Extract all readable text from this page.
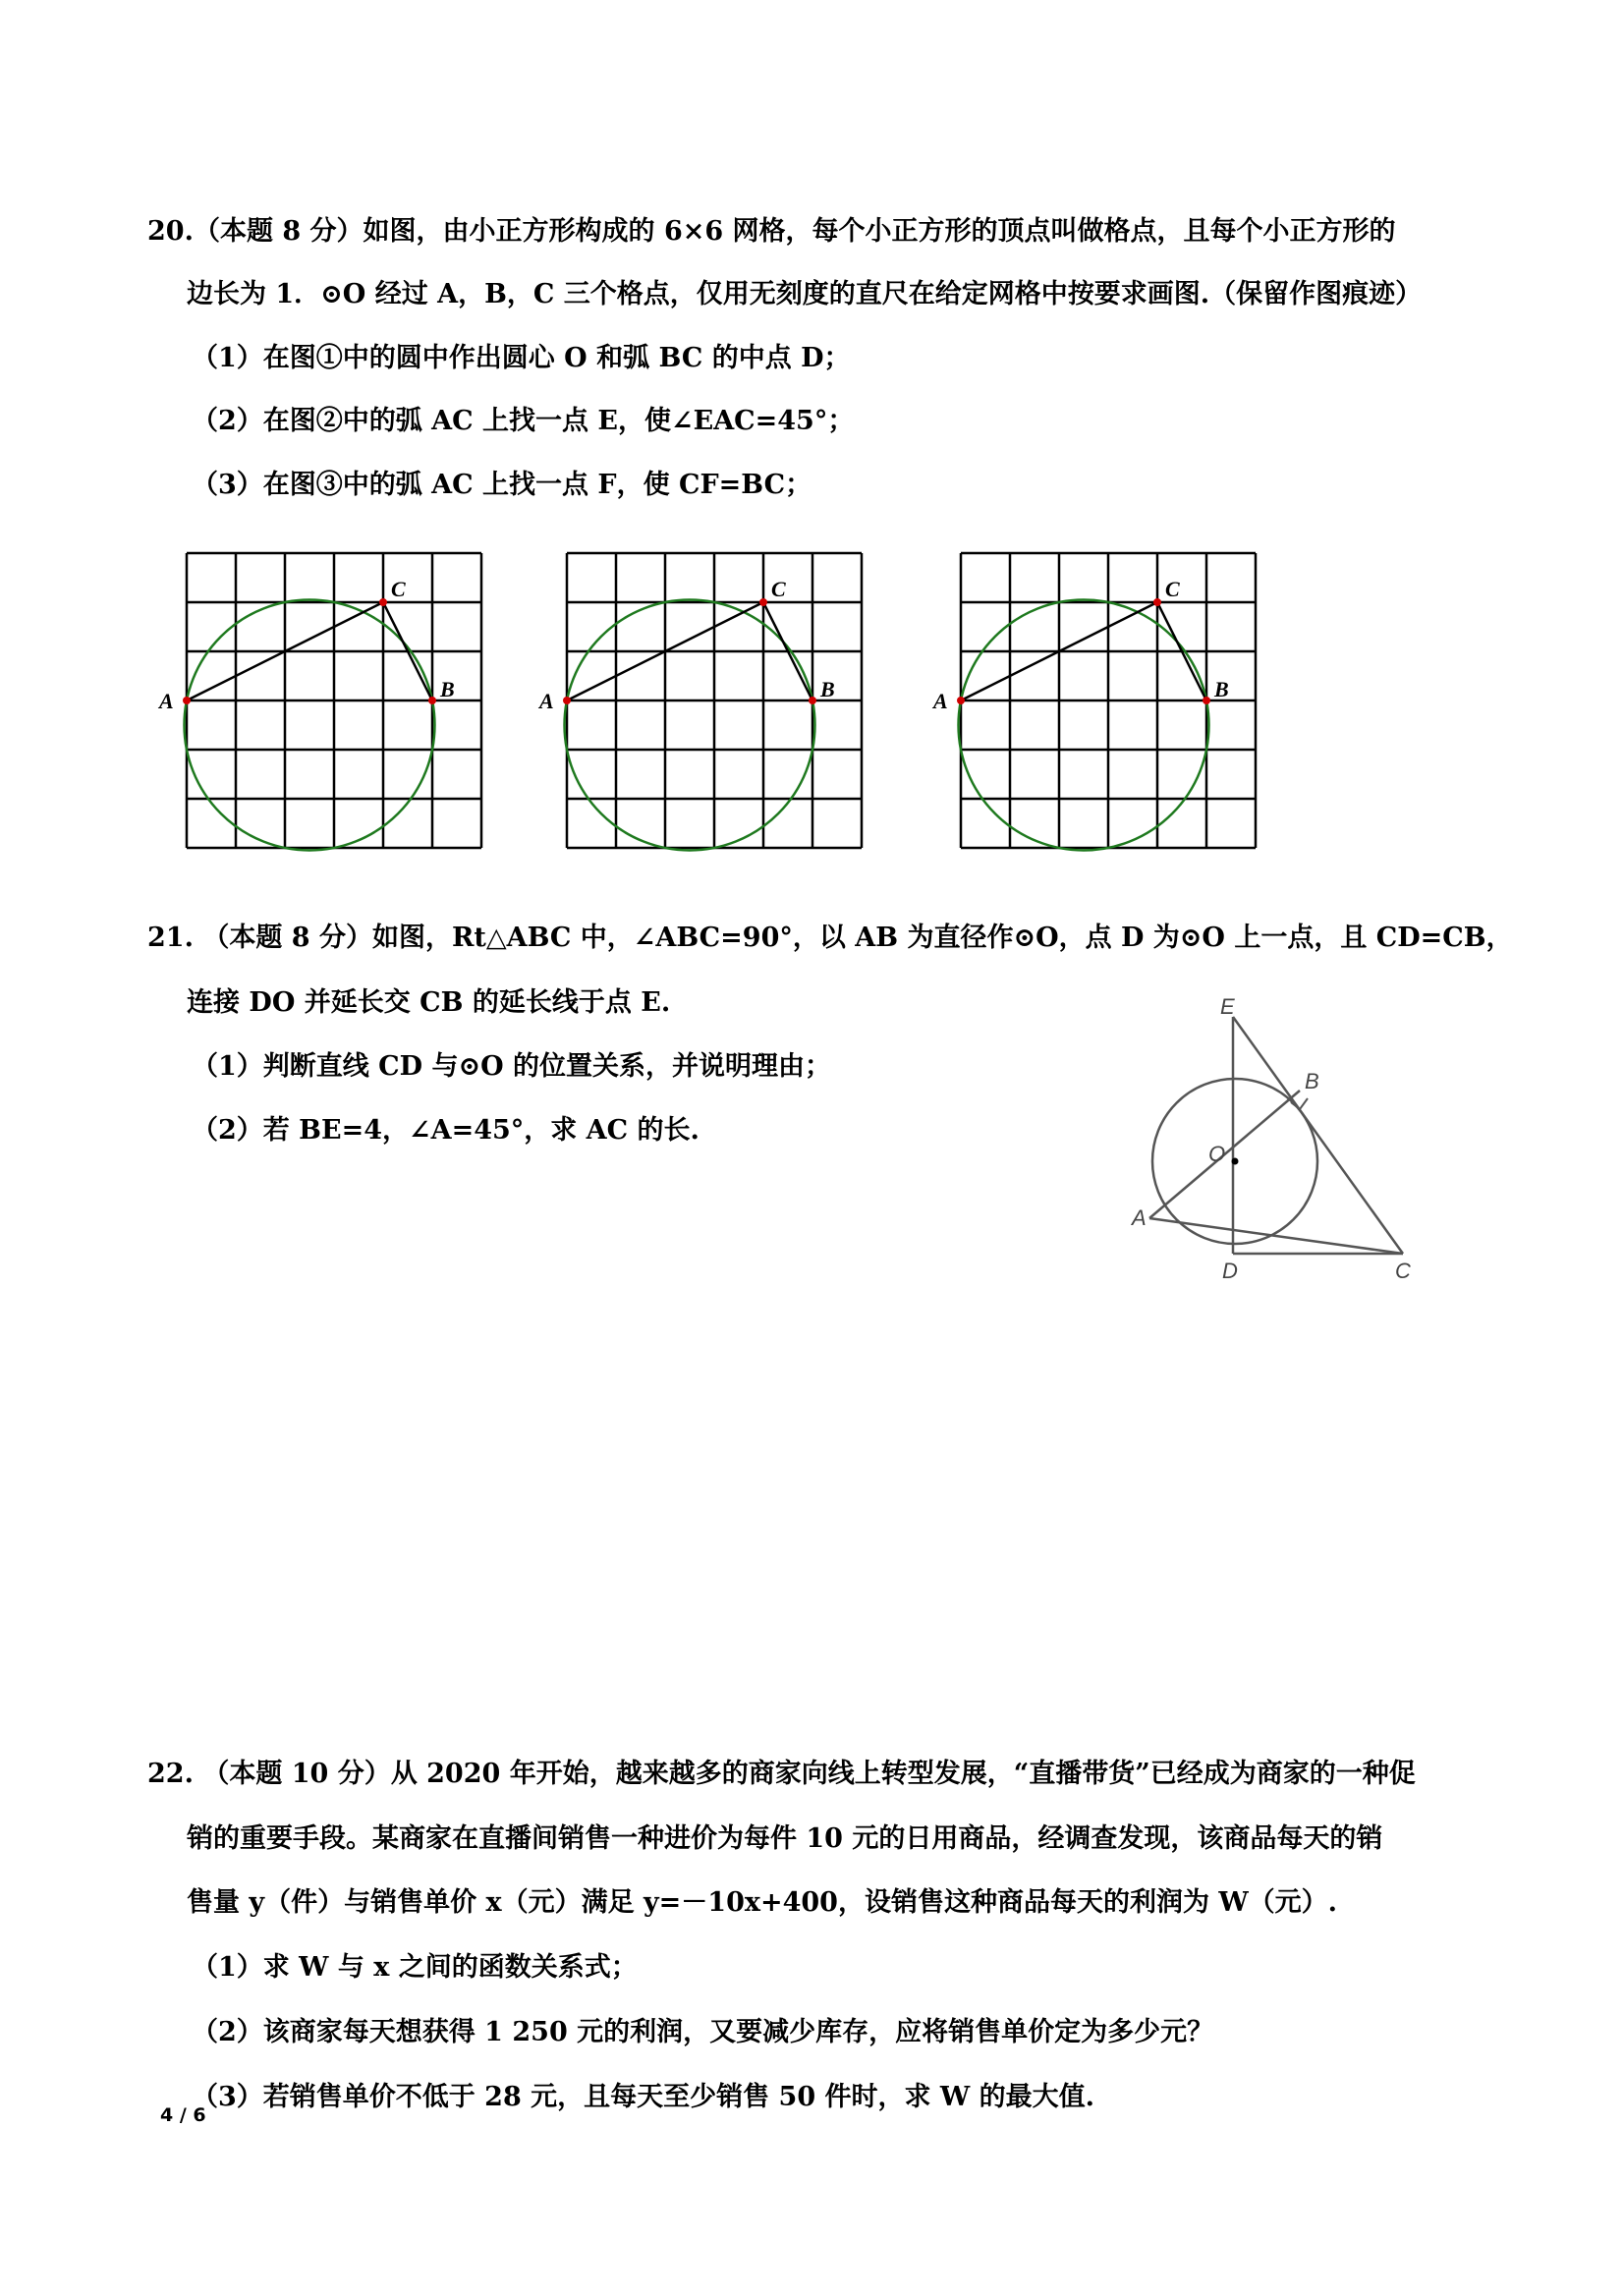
20.（本题 8 分）如图，由小正方形构成的 6×6 网格，每个小正方形的顶点叫做格点，且每个小正方形的
边长为 1．⊙O 经过 A，B，C 三个格点，仅用无刻度的直尺在给定网格中按要求画图.（保留作图痕迹）
（1）在图①中的圆中作出圆心 O 和弧 BC 的中点 D；
（2）在图②中的弧 AC 上找一点 E，使∠EAC=45°；
（3）在图③中的弧 AC 上找一点 F，使 CF=BC；
A	B
C
A	B
C
A	B
C
21. （本题 8 分）如图，Rt△ABC 中，∠ABC=90°，以 AB 为直径作⊙O，点 D 为⊙O 上一点，且 CD=CB，
连接 DO 并延长交 CB 的延长线于点 E.
（1）判断直线 CD 与⊙O 的位置关系，并说明理由；
（2）若 BE=4，∠A=45°，求 AC 的长.
E
B
O
A
D	C
22. （本题 10 分）从 2020 年开始，越来越多的商家向线上转型发展，“直播带货”已经成为商家的一种促
销的重要手段。某商家在直播间销售一种进价为每件 10 元的日用商品，经调查发现，该商品每天的销
售量 y（件）与销售单价 x（元）满足 y=－10x+400，设销售这种商品每天的利润为 W（元）.
（1）求 W 与 x 之间的函数关系式；
（2）该商家每天想获得 1 250 元的利润，又要减少库存，应将销售单价定为多少元？
（3）若销售单价不低于 28 元，且每天至少销售 50 件时，求 W 的最大值.
4 / 6
